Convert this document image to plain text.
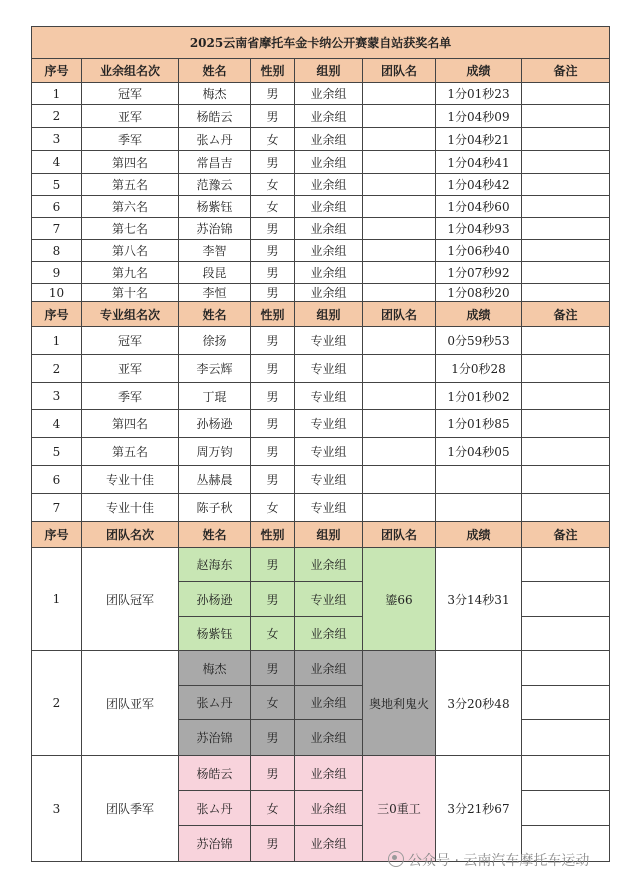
2025云南省摩托车金卡纳公开赛蒙自站获奖名单							
序号	业余组名次	姓名	性别	组别	团队名	成绩	备注
1	冠军	梅杰	男	业余组		1分01秒23	
2	亚军	杨皓云	男	业余组		1分04秒09	
3	季军	张ム丹	女	业余组		1分04秒21	
4	第四名	常昌吉	男	业余组		1分04秒41	
5	第五名	范豫云	女	业余组		1分04秒42	
6	第六名	杨紫钰	女	业余组		1分04秒60	
7	第七名	苏治锦	男	业余组		1分04秒93	
8	第八名	李智	男	业余组		1分06秒40	
9	第九名	段昆	男	业余组		1分07秒92	
10	第十名	李恒	男	业余组		1分08秒20	
序号	专业组名次	姓名	性别	组别	团队名	成绩	备注
1	冠军	徐扬	男	专业组		0分59秒53	
2	亚军	李云辉	男	专业组		1分0秒28	
3	季军	丁琨	男	专业组		1分01秒02	
4	第四名	孙杨逊	男	专业组		1分01秒85	
5	第五名	周万钧	男	专业组		1分04秒05	
6	专业十佳	丛赫晨	男	专业组			
7	专业十佳	陈子秋	女	专业组			
序号	团队名次	姓名	性别	组别	团队名	成绩	备注
1	团队冠军	赵海东	男	业余组	鎏66	3分14秒31	
		孙杨逊	男	专业组			
		杨紫钰	女	业余组			
2	团队亚军	梅杰	男	业余组	奥地利鬼火	3分20秒48	
		张ム丹	女	业余组			
		苏治锦	男	业余组			
3	团队季军	杨皓云	男	业余组	三0重工	3分21秒67	
		张ム丹	女	业余组			
		苏治锦	男	业余组			
公众号 · 云南汽车摩托车运动
